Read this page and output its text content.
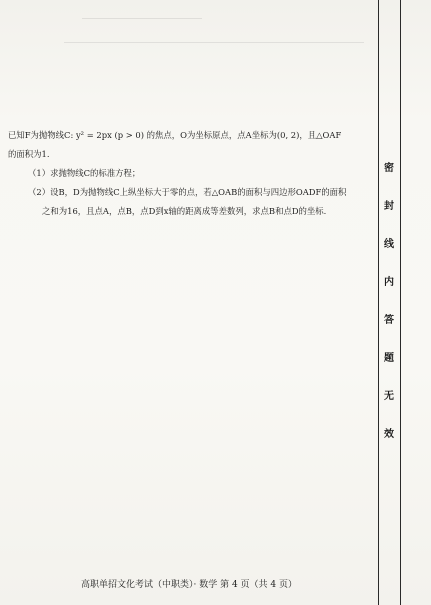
已知F为抛物线C: y² = 2px (p > 0) 的焦点，O为坐标原点，点A坐标为(0, 2)，且△OAF
的面积为1.
（1）求抛物线C的标准方程；
（2）设B，D为抛物线C上纵坐标大于零的点，若△OAB的面积与四边形OADF的面积
之和为16，且点A，点B，点D到x轴的距离成等差数列，求点B和点D的坐标.
密
封
线
内
答
题
无
效
高职单招文化考试（中职类）· 数学 第 4 页（共 4 页）
